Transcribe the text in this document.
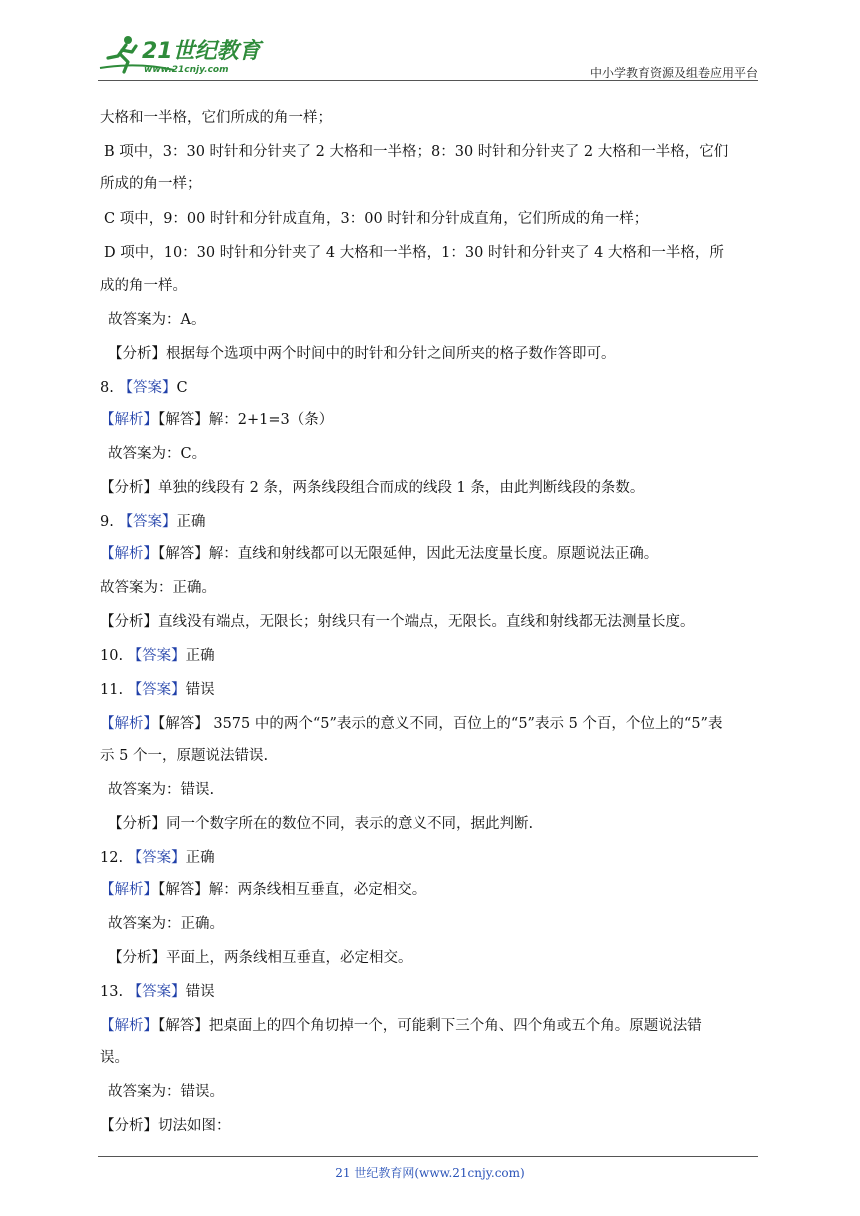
21世纪教育
www.21cnjy.com	中小学教育资源及组卷应用平台
大格和一半格，它们所成的角一样；
B 项中，3：30 时针和分针夹了 2 大格和一半格；8：30 时针和分针夹了 2 大格和一半格，它们
所成的角一样；
C 项中，9：00 时针和分针成直角，3：00 时针和分针成直角，它们所成的角一样；
D 项中，10：30 时针和分针夹了 4 大格和一半格，1：30 时针和分针夹了 4 大格和一半格，所
成的角一样。
故答案为：A。
【分析】根据每个选项中两个时间中的时针和分针之间所夹的格子数作答即可。
8. 【答案】C
【解析】【解答】解：2+1=3（条）
故答案为：C。
【分析】单独的线段有 2 条，两条线段组合而成的线段 1 条，由此判断线段的条数。
9. 【答案】正确
【解析】【解答】解：直线和射线都可以无限延伸，因此无法度量长度。原题说法正确。
故答案为：正确。
【分析】直线没有端点，无限长；射线只有一个端点，无限长。直线和射线都无法测量长度。
10. 【答案】正确
11. 【答案】错误
【解析】【解答】 3575 中的两个“5”表示的意义不同，百位上的“5”表示 5 个百，个位上的“5”表
示 5 个一，原题说法错误.
故答案为：错误.
【分析】同一个数字所在的数位不同，表示的意义不同，据此判断.
12. 【答案】正确
【解析】【解答】解：两条线相互垂直，必定相交。
故答案为：正确。
【分析】平面上，两条线相互垂直，必定相交。
13. 【答案】错误
【解析】【解答】把桌面上的四个角切掉一个，可能剩下三个角、四个角或五个角。原题说法错
误。
故答案为：错误。
【分析】切法如图：
21 世纪教育网(www.21cnjy.com)
